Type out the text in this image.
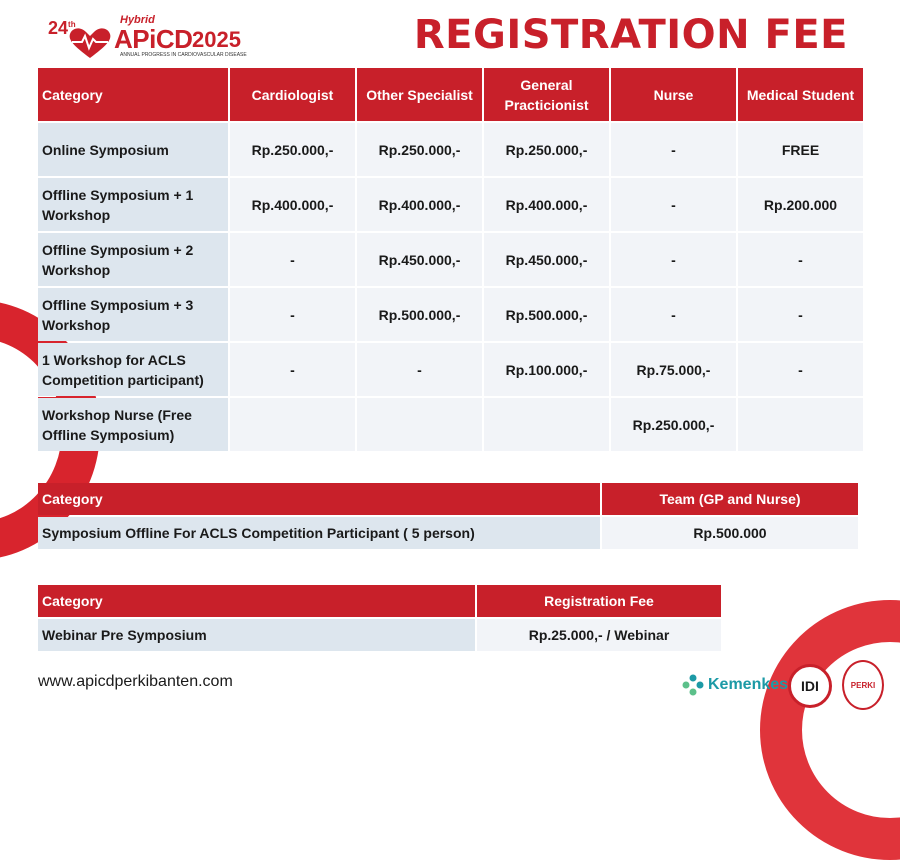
24th	Hybrid
APiCD 2025
ANNUAL PROGRESS IN CARDIOVASCULAR DISEASE	REGISTRATION FEE
Category	Cardiologist	Other Specialist	General Practicionist	Nurse	Medical Student
Online Symposium	Rp.250.000,-	Rp.250.000,-	Rp.250.000,-	-	FREE
Offline Symposium + 1 Workshop	Rp.400.000,-	Rp.400.000,-	Rp.400.000,-	-	Rp.200.000
Offline Symposium + 2 Workshop	-	Rp.450.000,-	Rp.450.000,-	-	-
Offline Symposium + 3 Workshop	-	Rp.500.000,-	Rp.500.000,-	-	-
1 Workshop for ACLS Competition participant)	-	-	Rp.100.000,-	Rp.75.000,-	-
Workshop Nurse (Free Offline Symposium)				Rp.250.000,-	
Category	Team (GP and Nurse)
Symposium Offline For ACLS Competition Participant ( 5 person)	Rp.500.000
Category	Registration Fee
Webinar Pre Symposium	Rp.25.000,- / Webinar
www.apicdperkibanten.com	Kemenkes IDI	PERKI
